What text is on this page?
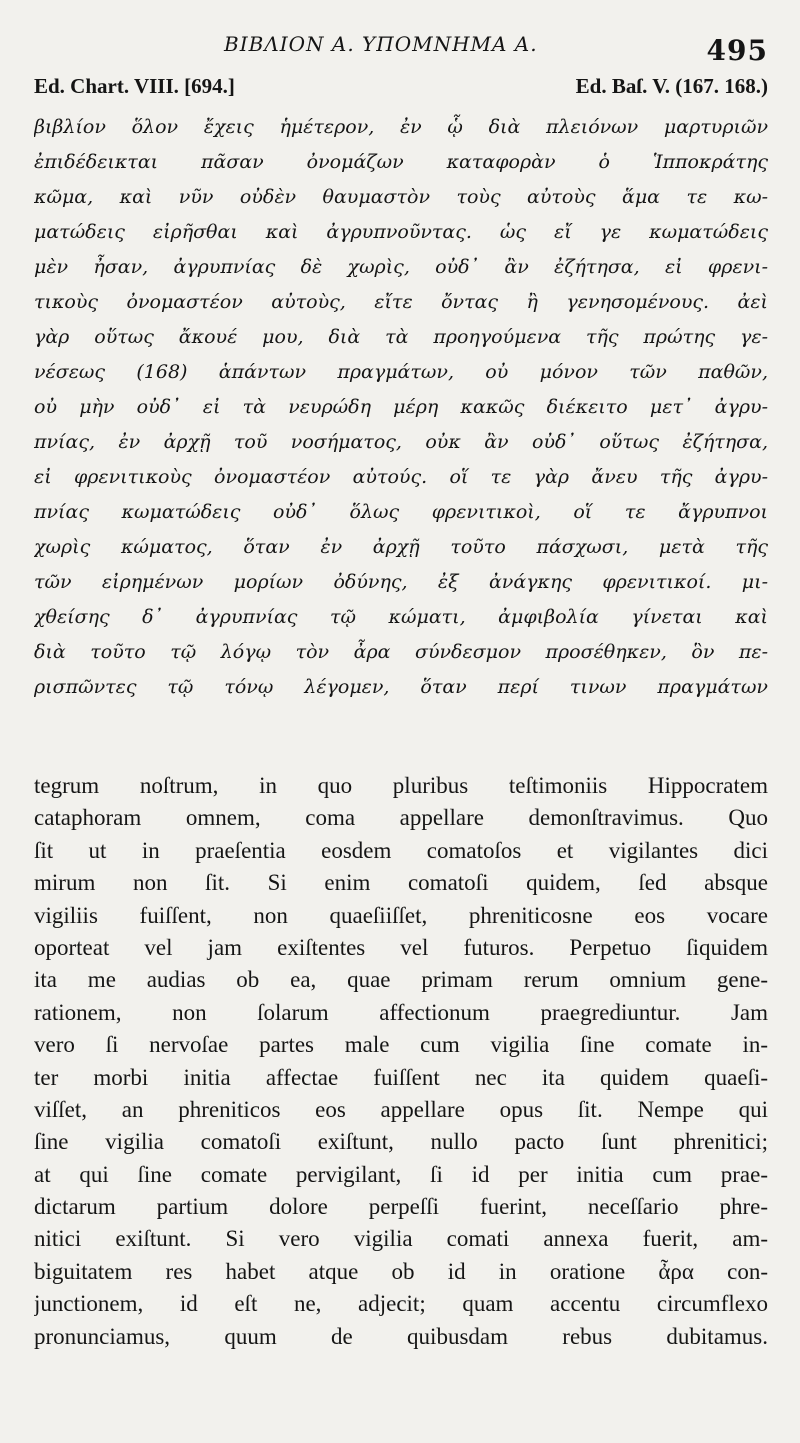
ΒΙΒΛΙΟΝ Α. ΥΠΟΜΝΗΜΑ Α.	495
Ed. Chart. VIII. [694.]	Ed. Baſ. V. (167. 168.)
βιβλίον ὅλον ἔχεις ἡμέτερον, ἐν ᾧ διὰ πλειόνων μαρτυριῶν
ἐπιδέδεικται πᾶσαν ὀνομάζων καταφορὰν ὁ Ἱπποκράτης
κῶμα, καὶ νῦν οὐδὲν θαυμαστὸν τοὺς αὐτοὺς ἅμα τε κω-
ματώδεις εἰρῆσθαι καὶ ἀγρυπνοῦντας. ὡς εἴ γε κωματώδεις
μὲν ἦσαν, ἀγρυπνίας δὲ χωρὶς, οὐδ᾽ ἂν ἐζήτησα, εἰ φρενι-
τικοὺς ὀνομαστέον αὐτοὺς, εἴτε ὄντας ἢ γενησομένους. ἀεὶ
γὰρ οὕτως ἄκουέ μου, διὰ τὰ προηγούμενα τῆς πρώτης γε-
νέσεως (168) ἁπάντων πραγμάτων, οὐ μόνον τῶν παθῶν,
οὐ μὴν οὐδ᾽ εἰ τὰ νευρώδη μέρη κακῶς διέκειτο μετ᾽ ἀγρυ-
πνίας, ἐν ἀρχῇ τοῦ νοσήματος, οὐκ ἂν οὐδ᾽ οὕτως ἐζήτησα,
εἰ φρενιτικοὺς ὀνομαστέον αὐτούς. οἵ τε γὰρ ἄνευ τῆς ἀγρυ-
πνίας κωματώδεις οὐδ᾽ ὅλως φρενιτικοὶ, οἵ τε ἄγρυπνοι
χωρὶς κώματος, ὅταν ἐν ἀρχῇ τοῦτο πάσχωσι, μετὰ τῆς
τῶν εἰρημένων μορίων ὀδύνης, ἐξ ἀνάγκης φρενιτικοί. μι-
χθείσης δ᾽ ἀγρυπνίας τῷ κώματι, ἀμφιβολία γίνεται καὶ
διὰ τοῦτο τῷ λόγῳ τὸν ἆρα σύνδεσμον προσέθηκεν, ὃν πε-
ρισπῶντες τῷ τόνῳ λέγομεν, ὅταν περί τινων πραγμάτων
tegrum noſtrum, in quo pluribus teſtimoniis Hippocratem
cataphoram omnem, coma appellare demonſtravimus. Quo
ſit ut in praeſentia eosdem comatoſos et vigilantes dici
mirum non ſit. Si enim comatoſi quidem, ſed absque
vigiliis fuiſſent, non quaeſiiſſet, phreniticosne eos vocare
oporteat vel jam exiſtentes vel futuros. Perpetuo ſiquidem
ita me audias ob ea, quae primam rerum omnium gene-
rationem, non ſolarum affectionum praegrediuntur. Jam
vero ſi nervoſae partes male cum vigilia ſine comate in-
ter morbi initia affectae fuiſſent nec ita quidem quaeſi-
viſſet, an phreniticos eos appellare opus ſit. Nempe qui
ſine vigilia comatoſi exiſtunt, nullo pacto ſunt phrenitici;
at qui ſine comate pervigilant, ſi id per initia cum prae-
dictarum partium dolore perpeſſi fuerint, neceſſario phre-
nitici exiſtunt. Si vero vigilia comati annexa fuerit, am-
biguitatem res habet atque ob id in oratione ἆρα con-
junctionem, id eſt ne, adjecit; quam accentu circumflexo
pronunciamus, quum de quibusdam rebus dubitamus.
